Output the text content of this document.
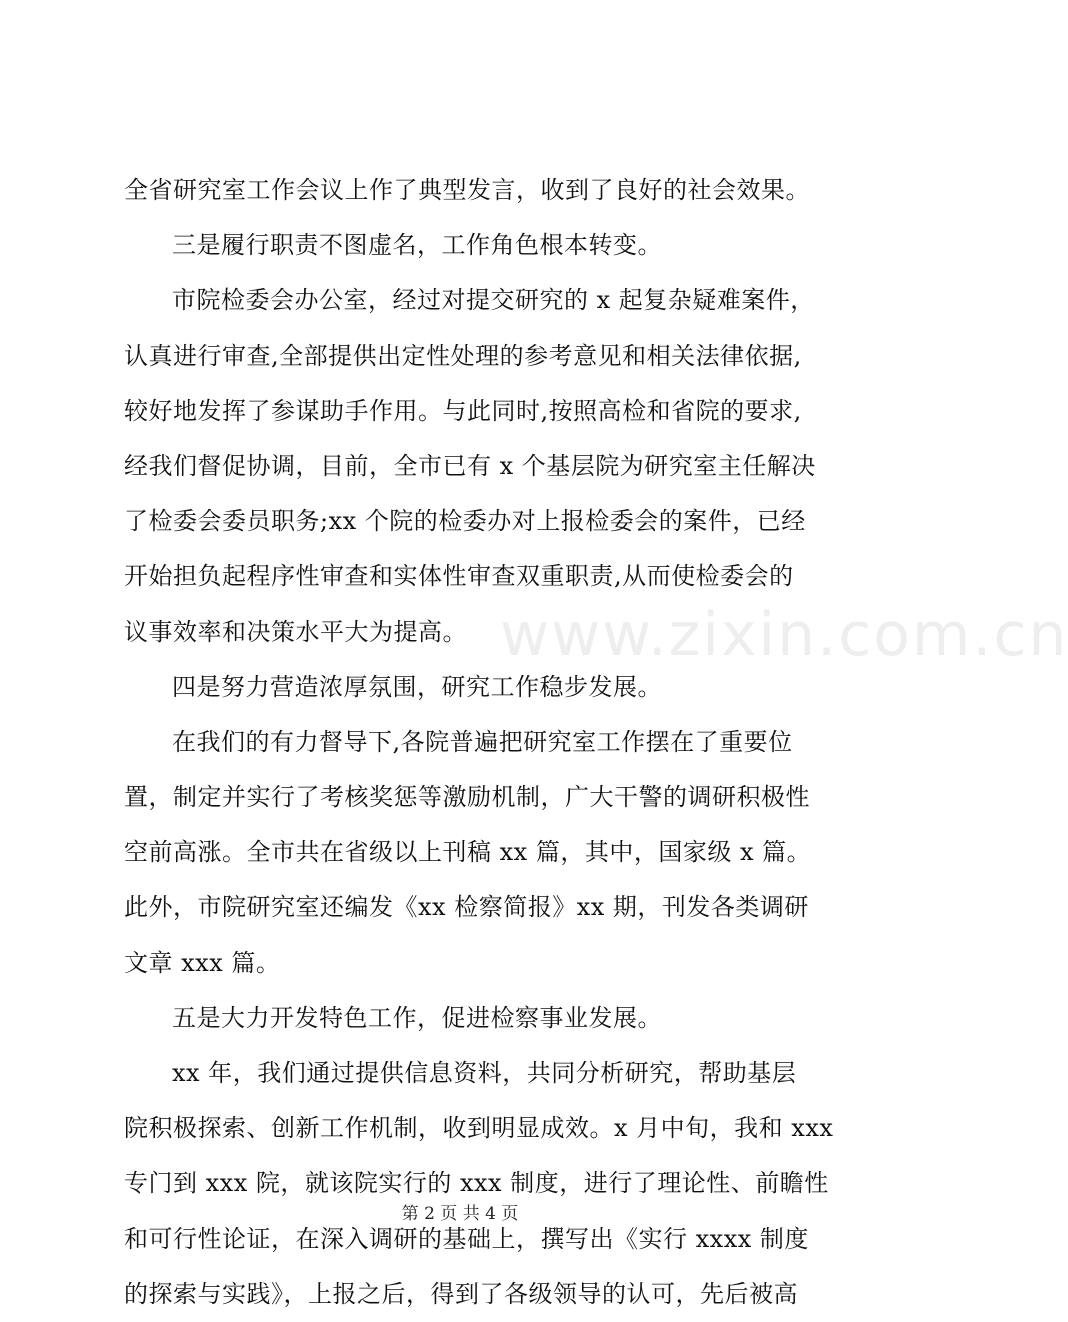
全省研究室工作会议上作了典型发言，收到了良好的社会效果。
三是履行职责不图虚名，工作角色根本转变。
市院检委会办公室，经过对提交研究的 x 起复杂疑难案件，
认真进行审查,全部提供出定性处理的参考意见和相关法律依据,
较好地发挥了参谋助手作用。与此同时,按照高检和省院的要求,
经我们督促协调，目前，全市已有 x 个基层院为研究室主任解决
了检委会委员职务;xx 个院的检委办对上报检委会的案件，已经
开始担负起程序性审查和实体性审查双重职责,从而使检委会的
议事效率和决策水平大为提高。
四是努力营造浓厚氛围，研究工作稳步发展。
在我们的有力督导下,各院普遍把研究室工作摆在了重要位
置，制定并实行了考核奖惩等激励机制，广大干警的调研积极性
空前高涨。全市共在省级以上刊稿 xx 篇，其中，国家级 x 篇。
此外，市院研究室还编发《xx 检察简报》xx 期，刊发各类调研
文章 xxx 篇。
五是大力开发特色工作，促进检察事业发展。
xx 年，我们通过提供信息资料，共同分析研究，帮助基层
院积极探索、创新工作机制，收到明显成效。x 月中旬，我和 xxx
专门到 xxx 院，就该院实行的 xxx 制度，进行了理论性、前瞻性
和可行性论证，在深入调研的基础上，撰写出《实行 xxxx 制度
的探索与实践》，上报之后，得到了各级领导的认可，先后被高
www.zixin.com.cn
第 2 页 共 4 页
